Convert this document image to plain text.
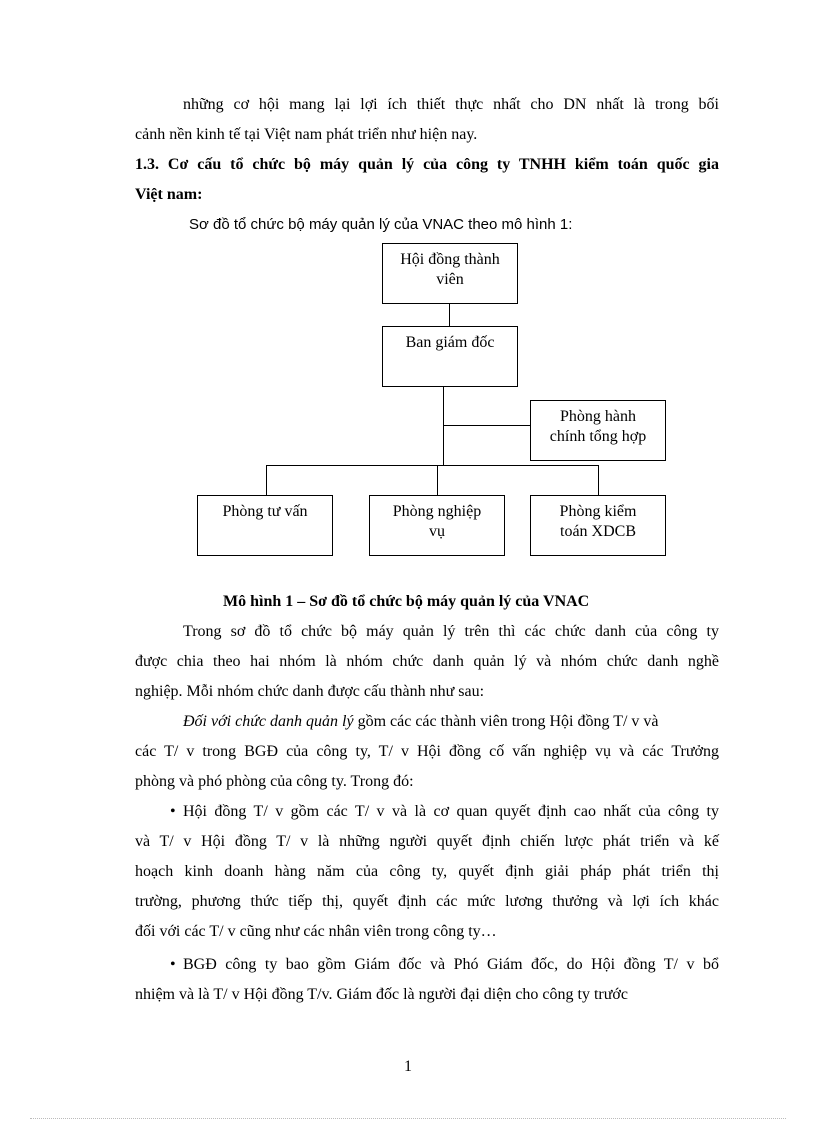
những cơ hội mang lại lợi ích thiết thực nhất cho DN nhất là trong bối
cảnh nền kinh tế tại Việt nam phát triển như hiện nay.
1.3. Cơ cấu tổ chức bộ máy quản lý của công ty TNHH kiểm toán quốc gia
Việt nam:
Sơ đồ tổ chức bộ máy quản lý của VNAC theo mô hình 1:
Hội đồng thành
viên
Ban giám đốc
Phòng hành
chính tổng hợp
Phòng tư vấn	Phòng nghiệp
vụ
Phòng kiểm
toán XDCB
Mô hình 1 – Sơ đồ tổ chức bộ máy quản lý của VNAC
Trong sơ đồ tổ chức bộ máy quản lý trên thì các chức danh của công ty
được chia theo hai nhóm là nhóm chức danh quản lý và nhóm chức danh nghề
nghiệp. Mỗi nhóm chức danh được cấu thành như sau:
Đối với chức danh quản lý gồm các các thành viên trong Hội đồng T/ v và
các T/ v trong BGĐ của công ty, T/ v Hội đồng cố vấn nghiệp vụ và các Trưởng
phòng và phó phòng của công ty. Trong đó:
• Hội đồng T/ v gồm các T/ v và là cơ quan quyết định cao nhất của công ty
và T/ v Hội đồng T/ v là những người quyết định chiến lược phát triển và kế
hoạch kinh doanh hàng năm của công ty, quyết định giải pháp phát triển thị
trường, phương thức tiếp thị, quyết định các mức lương thưởng và lợi ích khác
đối với các T/ v cũng như các nhân viên trong công ty…
• BGĐ công ty bao gồm Giám đốc và Phó Giám đốc, do Hội đồng T/ v bổ
nhiệm và là T/ v Hội đồng T/v. Giám đốc là người đại diện cho công ty trước
1
